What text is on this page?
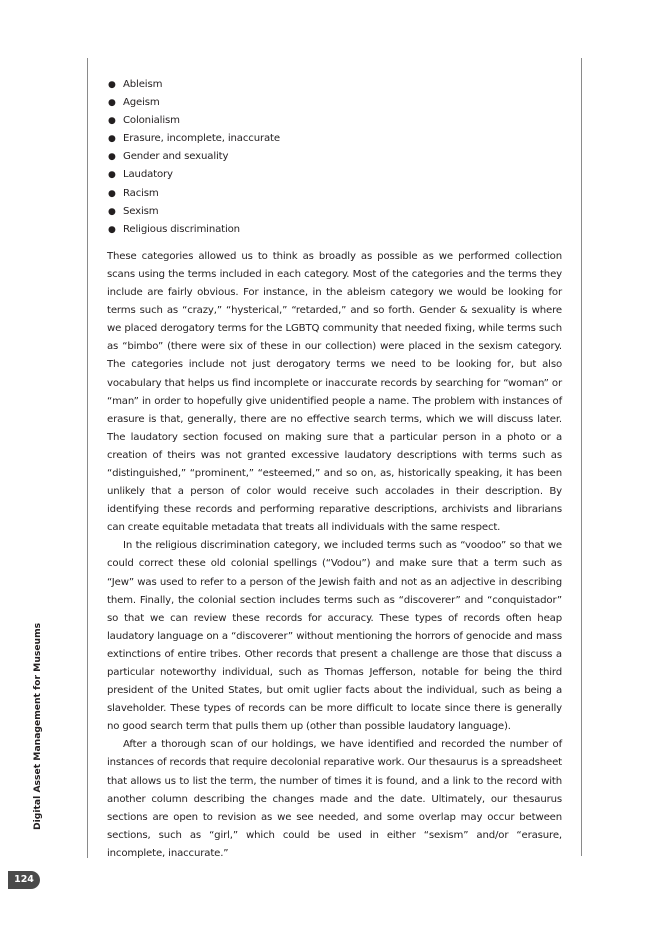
● Ableism
● Ageism
● Colonialism
● Erasure, incomplete, inaccurate
● Gender and sexuality
● Laudatory
● Racism
● Sexism
● Religious discrimination

These categories allowed us to think as broadly as possible as we performed collection scans using the terms included in each category. Most of the categories and the terms they include are fairly obvious. For instance, in the ableism category we would be looking for terms such as “crazy,” “hysterical,” “retarded,” and so forth. Gender & sexuality is where we placed derogatory terms for the LGBTQ community that needed fixing, while terms such as “bimbo” (there were six of these in our collection) were placed in the sexism category. The categories include not just derogatory terms we need to be looking for, but also vocabulary that helps us find incomplete or inaccurate records by searching for “woman” or “man” in order to hopefully give unidentified people a name. The problem with instances of erasure is that, generally, there are no effective search terms, which we will discuss later. The laudatory section focused on making sure that a particular person in a photo or a creation of theirs was not granted excessive laudatory descriptions with terms such as “distinguished,” “prominent,” “esteemed,” and so on, as, historically speaking, it has been unlikely that a person of color would receive such accolades in their description. By identifying these records and performing reparative descriptions, archivists and librarians can create equitable metadata that treats all individuals with the same respect.

In the religious discrimination category, we included terms such as “voodoo” so that we could correct these old colonial spellings (“Vodou”) and make sure that a term such as “Jew” was used to refer to a person of the Jewish faith and not as an adjective in describing them. Finally, the colonial section includes terms such as “discoverer” and “conquistador” so that we can review these records for accuracy. These types of records often heap laudatory language on a “discoverer” without mentioning the horrors of genocide and mass extinctions of entire tribes. Other records that present a challenge are those that discuss a particular noteworthy individual, such as Thomas Jefferson, notable for being the third president of the United States, but omit uglier facts about the individual, such as being a slaveholder. These types of records can be more difficult to locate since there is generally no good search term that pulls them up (other than possible laudatory language).

After a thorough scan of our holdings, we have identified and recorded the number of instances of records that require decolonial reparative work. Our thesaurus is a spreadsheet that allows us to list the term, the number of times it is found, and a link to the record with another column describing the changes made and the date. Ultimately, our thesaurus sections are open to revision as we see needed, and some overlap may occur between sections, such as “girl,” which could be used in either “sexism” and/or “erasure, incomplete, inaccurate.”

Digital Asset Management for Museums
124
